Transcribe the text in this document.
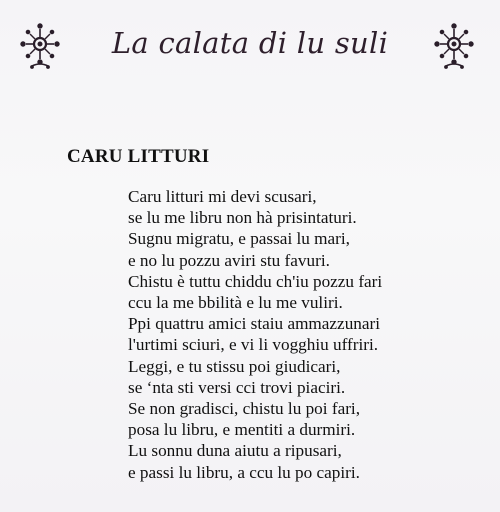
La calata di lu suli
CARU LITTURI
Caru litturi mi devi scusari,
se lu me libru non hà prisintaturi.
Sugnu migratu, e passai lu mari,
e no lu pozzu aviri stu favuri.
Chistu è tuttu chiddu ch'iu pozzu fari
ccu la me bbilità e lu me vuliri.
Ppi quattru amici staiu ammazzunari
l'urtimi sciuri, e vi li vogghiu uffriri.
Leggi, e tu stissu poi giudicari,
se ‘nta sti versi cci trovi piaciri.
Se non gradisci, chistu lu poi fari,
posa lu libru, e mentiti a durmiri.
Lu sonnu duna aiutu a ripusari,
e passi lu libru, a ccu lu po capiri.
